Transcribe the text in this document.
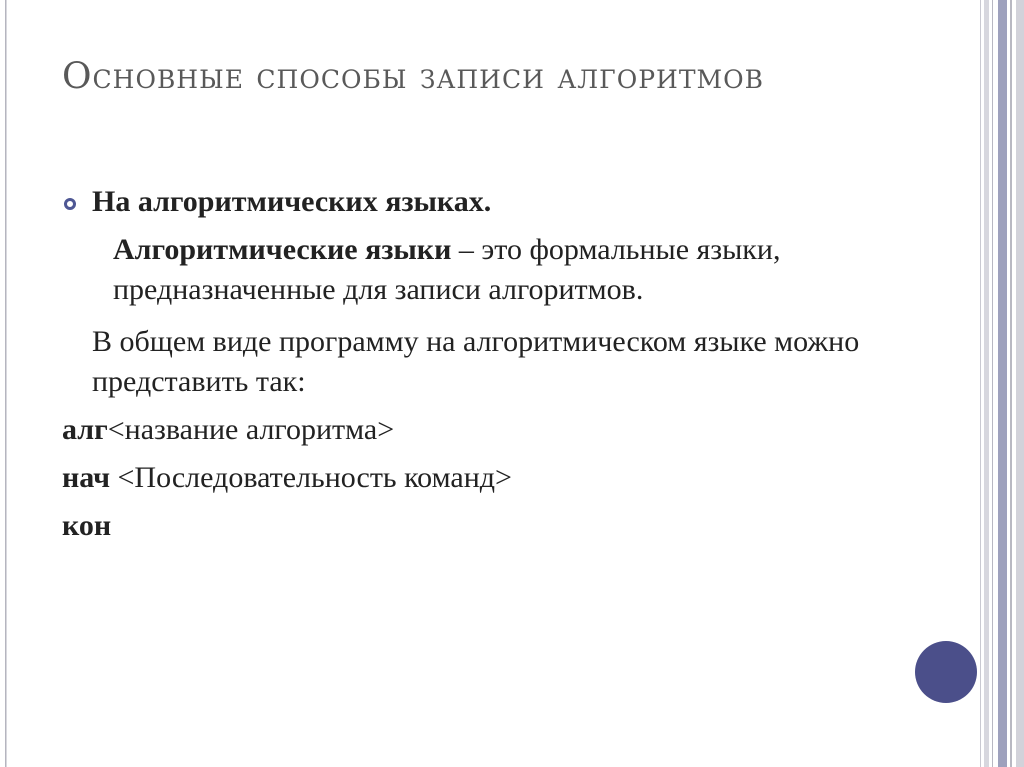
Основные способы записи алгоритмов
На алгоритмических языках.
Алгоритмические языки – это формальные языки, предназначенные для записи алгоритмов.
В общем виде программу на алгоритмическом языке можно представить так:
алг<название алгоритма>
нач <Последовательность команд>
кон
